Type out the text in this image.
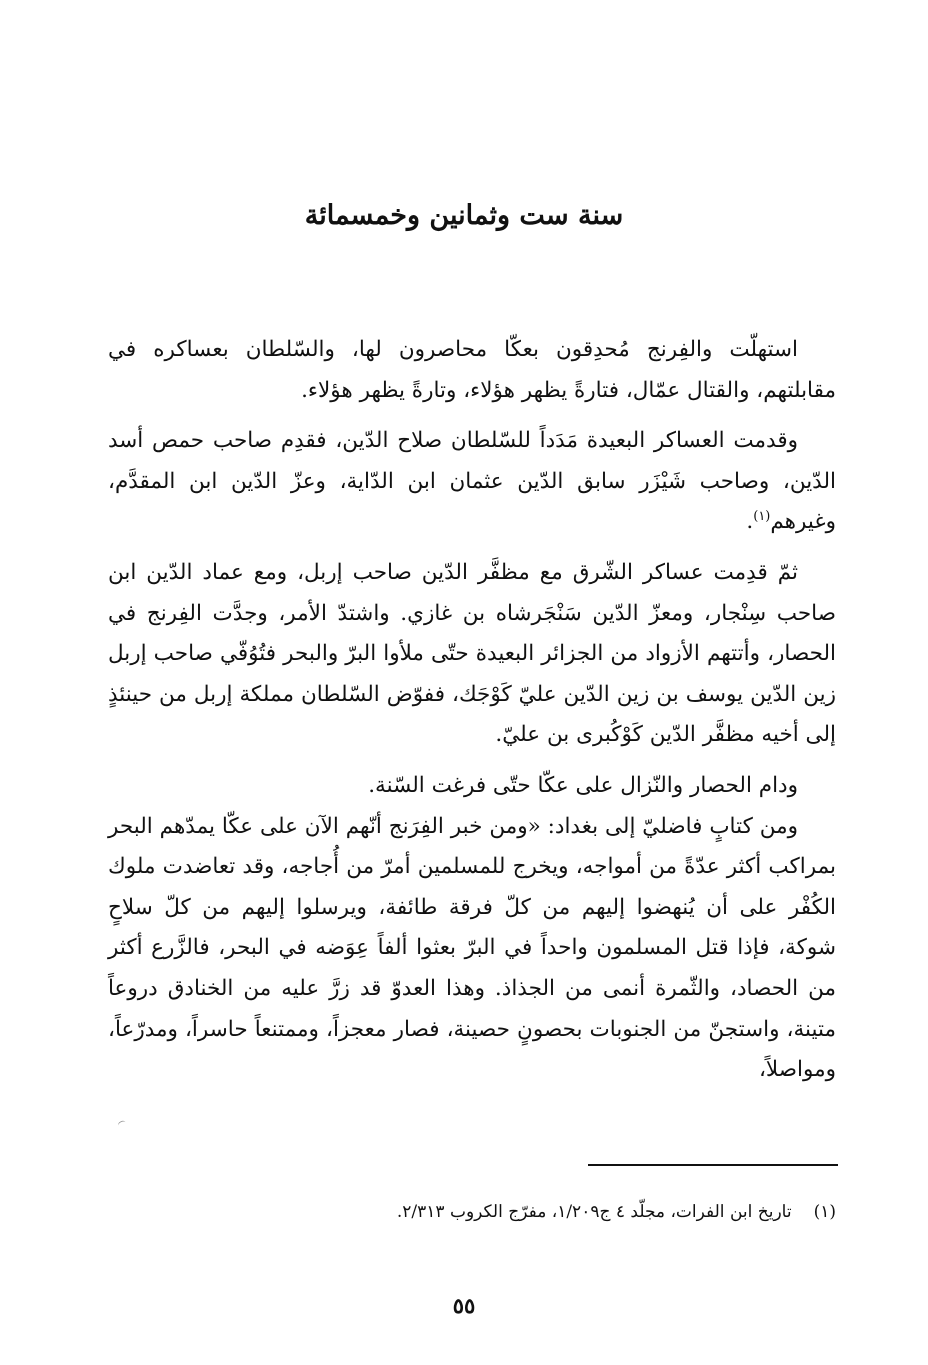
سنة ست وثمانين وخمسمائة

استهلّت والفِرنج مُحدِقون بعكّا محاصرون لها، والسّلطان بعساكره في مقابلتهم، والقتال عمّال، فتارةً يظهر هؤلاء، وتارةً يظهر هؤلاء.

وقدمت العساكر البعيدة مَدَداً للسّلطان صلاح الدّين، فقدِم صاحب حمص أسد الدّين، وصاحب شَيْزَر سابق الدّين عثمان ابن الدّاية، وعزّ الدّين ابن المقدَّم، وغيرهم$^{(١)}$.

ثمّ قدِمت عساكر الشّرق مع مظفَّر الدّين صاحب إربل، ومع عماد الدّين ابن صاحب سِنْجار، ومعزّ الدّين سَنْجَرشاه بن غازي. واشتدّ الأمر، وجدَّت الفِرنج في الحصار، وأتتهم الأزواد من الجزائر البعيدة حتّى ملأوا البرّ والبحر فتُوُفّي صاحب إربل زين الدّين يوسف بن زين الدّين عليّ كَوْجَك، ففوّض السّلطان مملكة إربل من حينئذٍ إلى أخيه مظفَّر الدّين كَوْكُبرى بن عليّ.

ودام الحصار والنّزال على عكّا حتّى فرغت السّنة.

ومن كتابٍ فاضليّ إلى بغداد: «ومن خبر الفِرَنج أنّهم الآن على عكّا يمدّهم البحر بمراكب أكثر عدّةً من أمواجه، ويخرج للمسلمين أمرّ من أُجاجه، وقد تعاضدت ملوك الكُفْر على أن يُنهضوا إليهم من كلّ فرقة طائفة، ويرسلوا إليهم من كلّ سلاحٍ شوكة، فإذا قتل المسلمون واحداً في البرّ بعثوا ألفاً عِوَضه في البحر، فالزَّرع أكثر من الحصاد، والثّمرة أنمى من الجذاذ. وهذا العدوّ قد زرَّ عليه من الخنادق دروعاً متينة، واستجنّ من الجنوبات بحصونٍ حصينة، فصار معجزاً، وممتنعاً حاسراً، ومدرّعاً، ومواصلاً،

(١)تاريخ ابن الفرات، مجلّد ٤ ج١/٢٠٩، مفرّج الكروب ٢/٣١٣.
٥٥
